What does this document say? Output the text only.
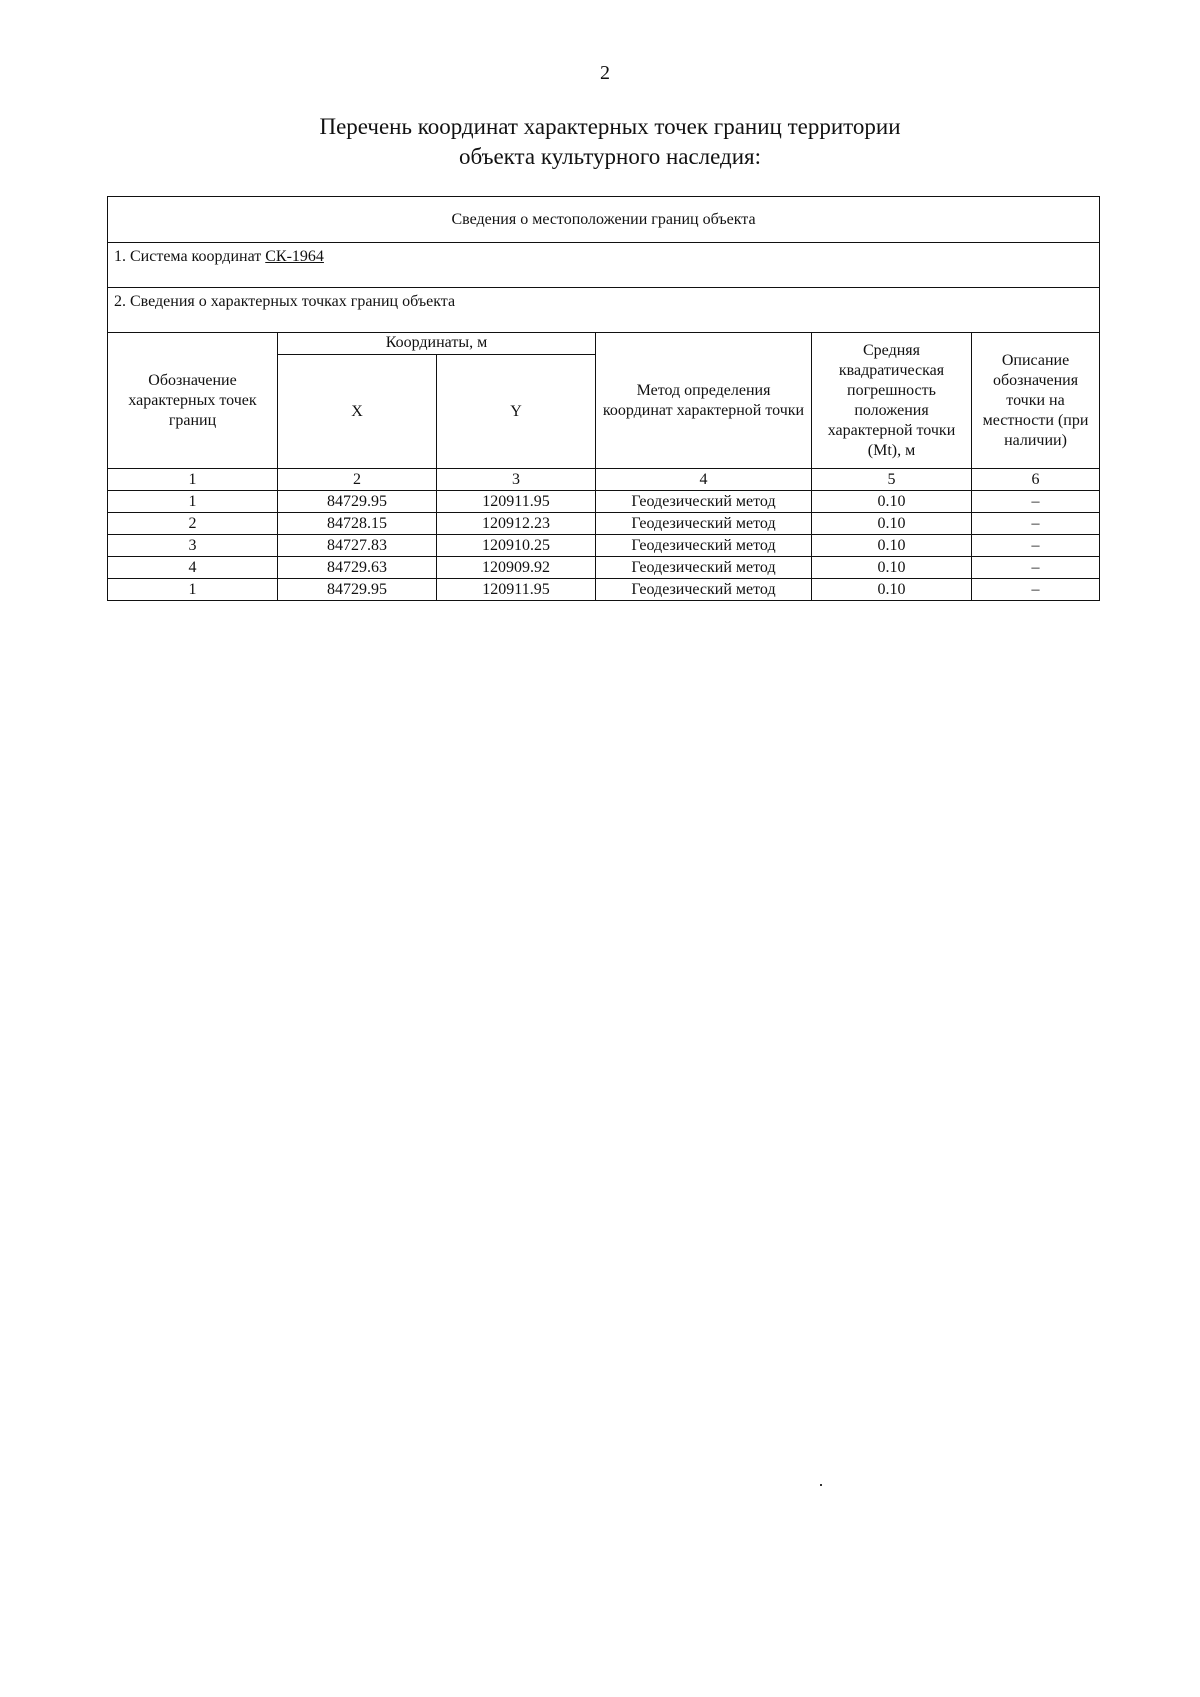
2
Перечень координат характерных точек границ территории
объекта культурного наследия:
Сведения о местоположении границ объекта					
1. Система координат СК-1964					
2. Сведения о характерных точках границ объекта					
Обозначение характерных точек границ	Координаты, м		Метод определения координат характерной точки	Средняя квадратическая погрешность положения характерной точки (Mt), м	Описание обозначения точки на местности (при наличии)
	X	Y			
1	2	3	4	5	6
1	84729.95	120911.95	Геодезический метод	0.10	–
2	84728.15	120912.23	Геодезический метод	0.10	–
3	84727.83	120910.25	Геодезический метод	0.10	–
4	84729.63	120909.92	Геодезический метод	0.10	–
1	84729.95	120911.95	Геодезический метод	0.10	–
